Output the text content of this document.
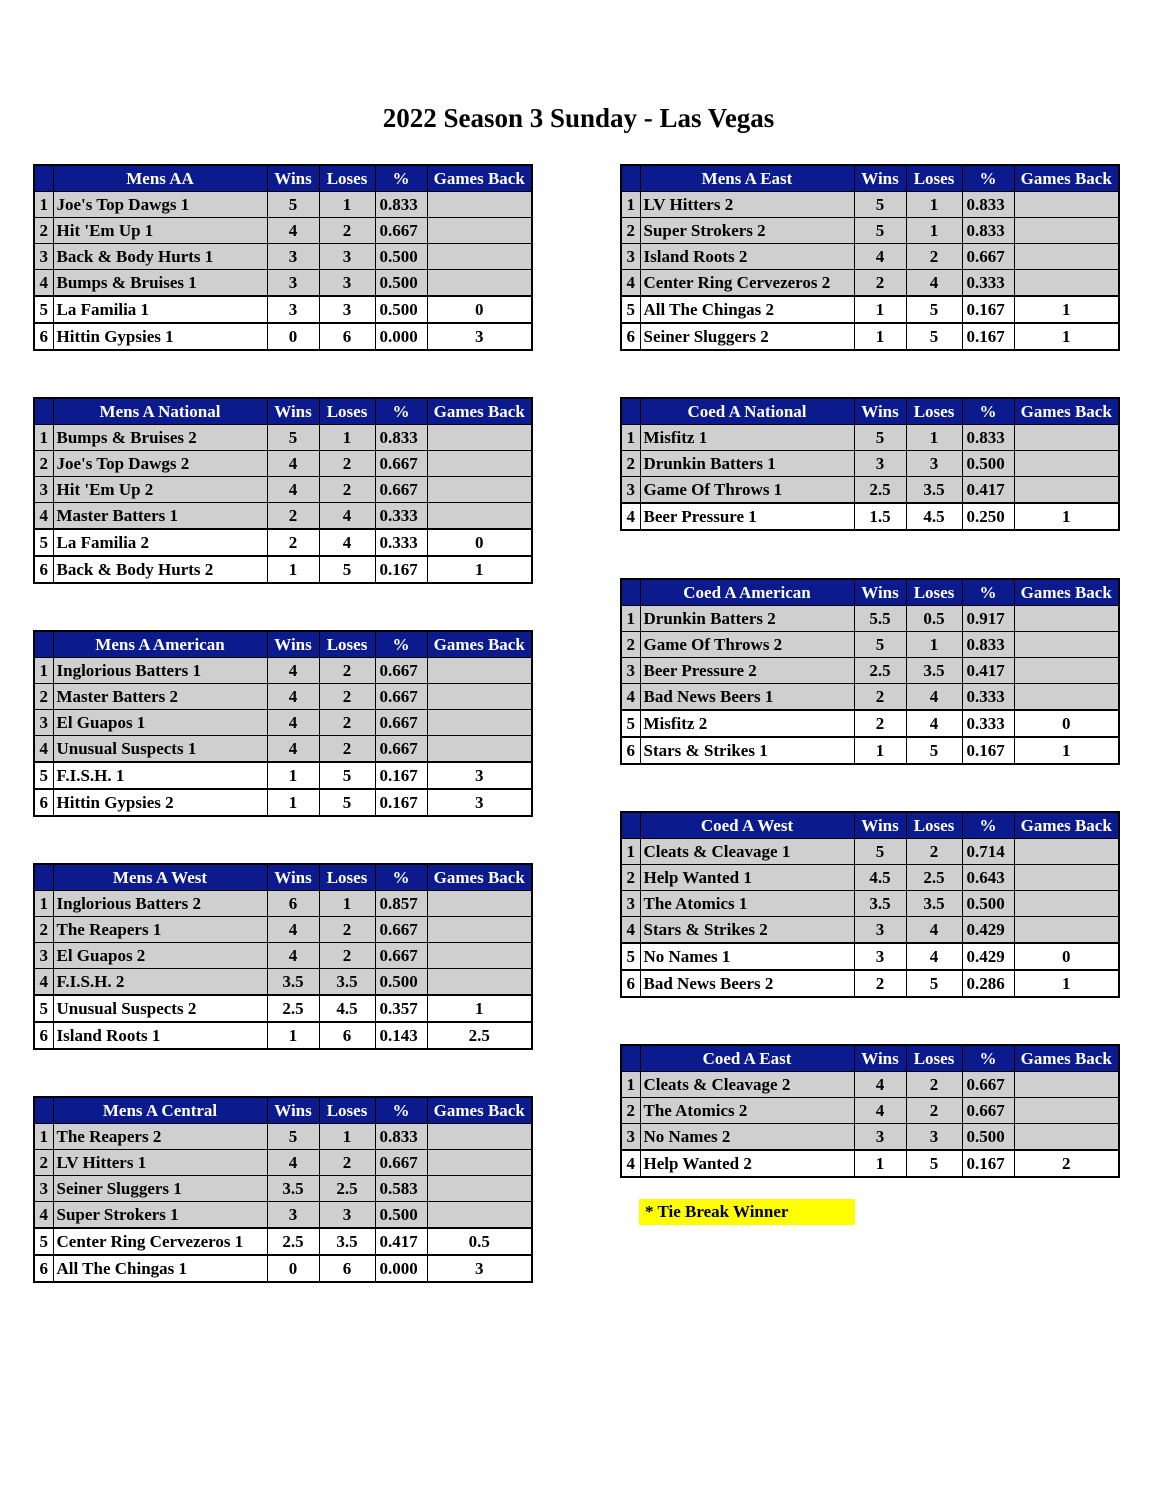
2022 Season 3 Sunday - Las Vegas
	Mens AA	Wins	Loses	%	Games Back
1	Joe's Top Dawgs 1	5	1	0.833	
2	Hit 'Em Up 1	4	2	0.667	
3	Back & Body Hurts 1	3	3	0.500	
4	Bumps & Bruises 1	3	3	0.500	
5	La Familia 1	3	3	0.500	0
6	Hittin Gypsies 1	0	6	0.000	3
	Mens A National	Wins	Loses	%	Games Back
1	Bumps & Bruises 2	5	1	0.833	
2	Joe's Top Dawgs 2	4	2	0.667	
3	Hit 'Em Up 2	4	2	0.667	
4	Master Batters 1	2	4	0.333	
5	La Familia 2	2	4	0.333	0
6	Back & Body Hurts 2	1	5	0.167	1
	Mens A American	Wins	Loses	%	Games Back
1	Inglorious Batters 1	4	2	0.667	
2	Master Batters 2	4	2	0.667	
3	El Guapos 1	4	2	0.667	
4	Unusual Suspects 1	4	2	0.667	
5	F.I.S.H. 1	1	5	0.167	3
6	Hittin Gypsies 2	1	5	0.167	3
	Mens A West	Wins	Loses	%	Games Back
1	Inglorious Batters 2	6	1	0.857	
2	The Reapers 1	4	2	0.667	
3	El Guapos 2	4	2	0.667	
4	F.I.S.H. 2	3.5	3.5	0.500	
5	Unusual Suspects 2	2.5	4.5	0.357	1
6	Island Roots 1	1	6	0.143	2.5
	Mens A Central	Wins	Loses	%	Games Back
1	The Reapers 2	5	1	0.833	
2	LV Hitters 1	4	2	0.667	
3	Seiner Sluggers 1	3.5	2.5	0.583	
4	Super Strokers 1	3	3	0.500	
5	Center Ring Cervezeros 1	2.5	3.5	0.417	0.5
6	All The Chingas 1	0	6	0.000	3
	Mens A East	Wins	Loses	%	Games Back
1	LV Hitters 2	5	1	0.833	
2	Super Strokers 2	5	1	0.833	
3	Island Roots 2	4	2	0.667	
4	Center Ring Cervezeros 2	2	4	0.333	
5	All The Chingas 2	1	5	0.167	1
6	Seiner Sluggers 2	1	5	0.167	1
	Coed A National	Wins	Loses	%	Games Back
1	Misfitz 1	5	1	0.833	
2	Drunkin Batters 1	3	3	0.500	
3	Game Of Throws 1	2.5	3.5	0.417	
4	Beer Pressure 1	1.5	4.5	0.250	1
	Coed A American	Wins	Loses	%	Games Back
1	Drunkin Batters 2	5.5	0.5	0.917	
2	Game Of Throws 2	5	1	0.833	
3	Beer Pressure 2	2.5	3.5	0.417	
4	Bad News Beers 1	2	4	0.333	
5	Misfitz 2	2	4	0.333	0
6	Stars & Strikes 1	1	5	0.167	1
	Coed A West	Wins	Loses	%	Games Back
1	Cleats & Cleavage 1	5	2	0.714	
2	Help Wanted 1	4.5	2.5	0.643	
3	The Atomics 1	3.5	3.5	0.500	
4	Stars & Strikes 2	3	4	0.429	
5	No Names 1	3	4	0.429	0
6	Bad News Beers 2	2	5	0.286	1
	Coed A East	Wins	Loses	%	Games Back
1	Cleats & Cleavage 2	4	2	0.667	
2	The Atomics 2	4	2	0.667	
3	No Names 2	3	3	0.500	
4	Help Wanted 2	1	5	0.167	2
* Tie Break Winner
